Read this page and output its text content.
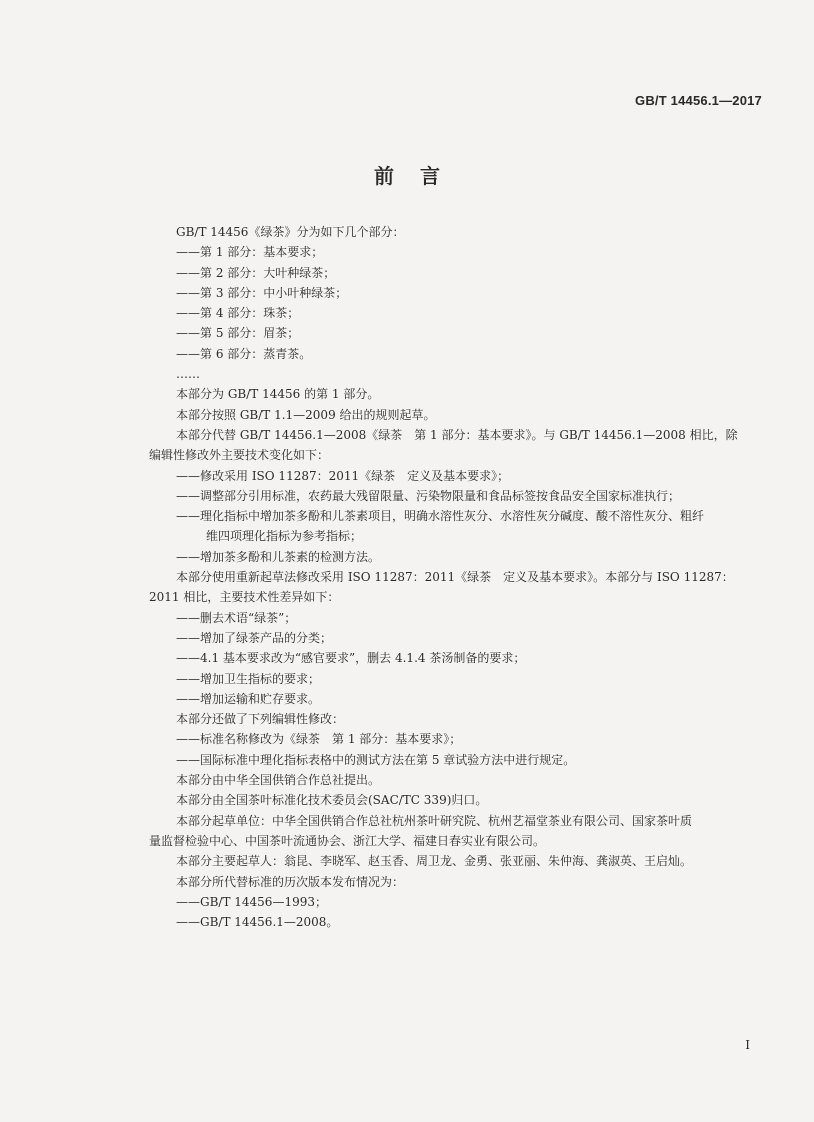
GB/T 14456.1—2017
前言
GB/T 14456《绿茶》分为如下几个部分：
——第 1 部分：基本要求；
——第 2 部分：大叶种绿茶；
——第 3 部分：中小叶种绿茶；
——第 4 部分：珠茶；
——第 5 部分：眉茶；
——第 6 部分：蒸青茶。
……
本部分为 GB/T 14456 的第 1 部分。
本部分按照 GB/T 1.1—2009 给出的规则起草。
本部分代替 GB/T 14456.1—2008《绿茶　第 1 部分：基本要求》。与 GB/T 14456.1—2008 相比，除
编辑性修改外主要技术变化如下：
——修改采用 ISO 11287：2011《绿茶　定义及基本要求》；
——调整部分引用标准，农药最大残留限量、污染物限量和食品标签按食品安全国家标准执行；
——理化指标中增加茶多酚和儿茶素项目，明确水溶性灰分、水溶性灰分碱度、酸不溶性灰分、粗纤
维四项理化指标为参考指标；
——增加茶多酚和儿茶素的检测方法。
本部分使用重新起草法修改采用 ISO 11287：2011《绿茶　定义及基本要求》。本部分与 ISO 11287：
2011 相比，主要技术性差异如下：
——删去术语“绿茶”；
——增加了绿茶产品的分类；
——4.1 基本要求改为“感官要求”，删去 4.1.4 茶汤制备的要求；
——增加卫生指标的要求；
——增加运输和贮存要求。
本部分还做了下列编辑性修改：
——标准名称修改为《绿茶　第 1 部分：基本要求》；
——国际标准中理化指标表格中的测试方法在第 5 章试验方法中进行规定。
本部分由中华全国供销合作总社提出。
本部分由全国茶叶标准化技术委员会(SAC/TC 339)归口。
本部分起草单位：中华全国供销合作总社杭州茶叶研究院、杭州艺福堂茶业有限公司、国家茶叶质
量监督检验中心、中国茶叶流通协会、浙江大学、福建日春实业有限公司。
本部分主要起草人：翁昆、李晓军、赵玉香、周卫龙、金勇、张亚丽、朱仲海、龚淑英、王启灿。
本部分所代替标准的历次版本发布情况为：
——GB/T 14456—1993；
——GB/T 14456.1—2008。
I
